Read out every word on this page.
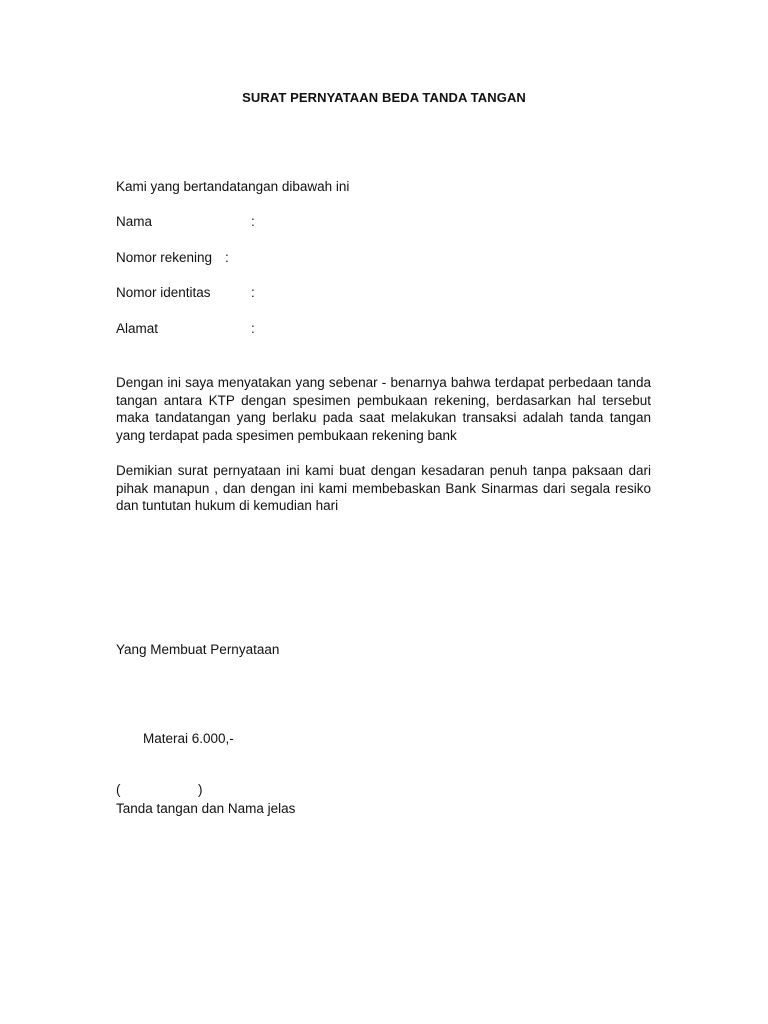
SURAT PERNYATAAN BEDA TANDA TANGAN
Kami yang bertandatangan dibawah ini
Nama	:
Nomor rekening :
Nomor identitas	:
Alamat	:

Dengan ini saya menyatakan yang sebenar - benarnya bahwa terdapat perbedaan tanda tangan antara KTP dengan spesimen pembukaan rekening, berdasarkan hal tersebut maka tandatangan yang berlaku pada saat melakukan transaksi adalah tanda tangan yang terdapat pada spesimen pembukaan rekening bank

Demikian surat pernyataan ini kami buat dengan kesadaran penuh tanpa paksaan dari pihak manapun , dan dengan ini kami membebaskan Bank Sinarmas dari segala resiko dan tuntutan hukum di kemudian hari

Yang Membuat Pernyataan
Materai 6.000,-
(	)
Tanda tangan dan Nama jelas
